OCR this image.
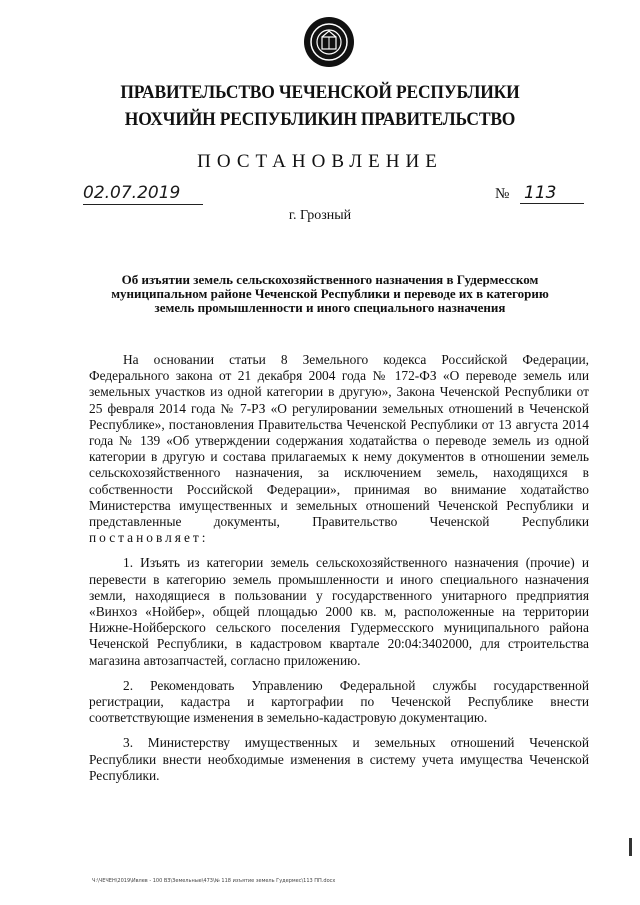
ПРАВИТЕЛЬСТВО ЧЕЧЕНСКОЙ РЕСПУБЛИКИ
НОХЧИЙН РЕСПУБЛИКИН ПРАВИТЕЛЬСТВО
ПОСТАНОВЛЕНИЕ
02.07.2019	№ 113
г. Грозный
Об изъятии земель сельскохозяйственного назначения в Гудермесском муниципальном районе Чеченской Республики и переводе их в категорию земель промышленности и иного специального назначения

На основании статьи 8 Земельного кодекса Российской Федерации, Федерального закона от 21 декабря 2004 года № 172-ФЗ «О переводе земель или земельных участков из одной категории в другую», Закона Чеченской Республики от 25 февраля 2014 года № 7-РЗ «О регулировании земельных отношений в Чеченской Республике», постановления Правительства Чеченской Республики от 13 августа 2014 года № 139 «Об утверждении содержания ходатайства о переводе земель из одной категории в другую и состава прилагаемых к нему документов в отношении земель сельскохозяйственного назначения, за исключением земель, находящихся в собственности Российской Федерации», принимая во внимание ходатайство Министерства имущественных и земельных отношений Чеченской Республики и представленные документы, Правительство Чеченской Республики постановляет:

1. Изъять из категории земель сельскохозяйственного назначения (прочие) и перевести в категорию земель промышленности и иного специального назначения земли, находящиеся в пользовании у государственного унитарного предприятия «Винхоз «Нойбер», общей площадью 2000 кв. м, расположенные на территории Нижне-Нойберского сельского поселения Гудермесского муниципального района Чеченской Республики, в кадастровом квартале 20:04:3402000, для строительства магазина автозапчастей, согласно приложению.

2. Рекомендовать Управлению Федеральной службы государственной регистрации, кадастра и картографии по Чеченской Республике внести соответствующие изменения в земельно-кадастровую документацию.

3. Министерству имущественных и земельных отношений Чеченской Республики внести необходимые изменения в систему учета имущества Чеченской Республики.

Ч:\ЧЕЧЕН\2019\Ивлев - 100 ВЗ\Земельные\473\№ 118 изъятие земель Гудермес\113 ПП.docx
